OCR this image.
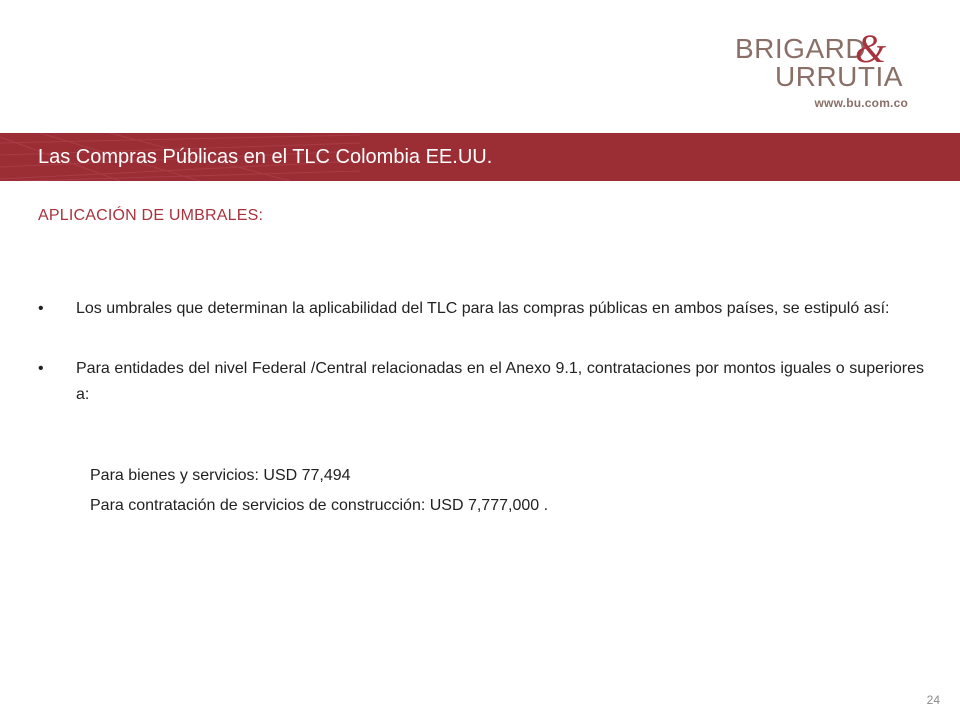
BRIGARD
&
URRUTIA
www.bu.com.co
Las Compras Públicas en el TLC Colombia EE.UU.
APLICACIÓN DE UMBRALES:
• Los umbrales que determinan la aplicabilidad del TLC para las compras públicas en ambos países, se estipuló así:
• Para entidades del nivel Federal /Central relacionadas en el Anexo 9.1, contrataciones por montos iguales o superiores a:
Para bienes y servicios: USD 77,494
Para contratación de servicios de construcción: USD 7,777,000 .
24
